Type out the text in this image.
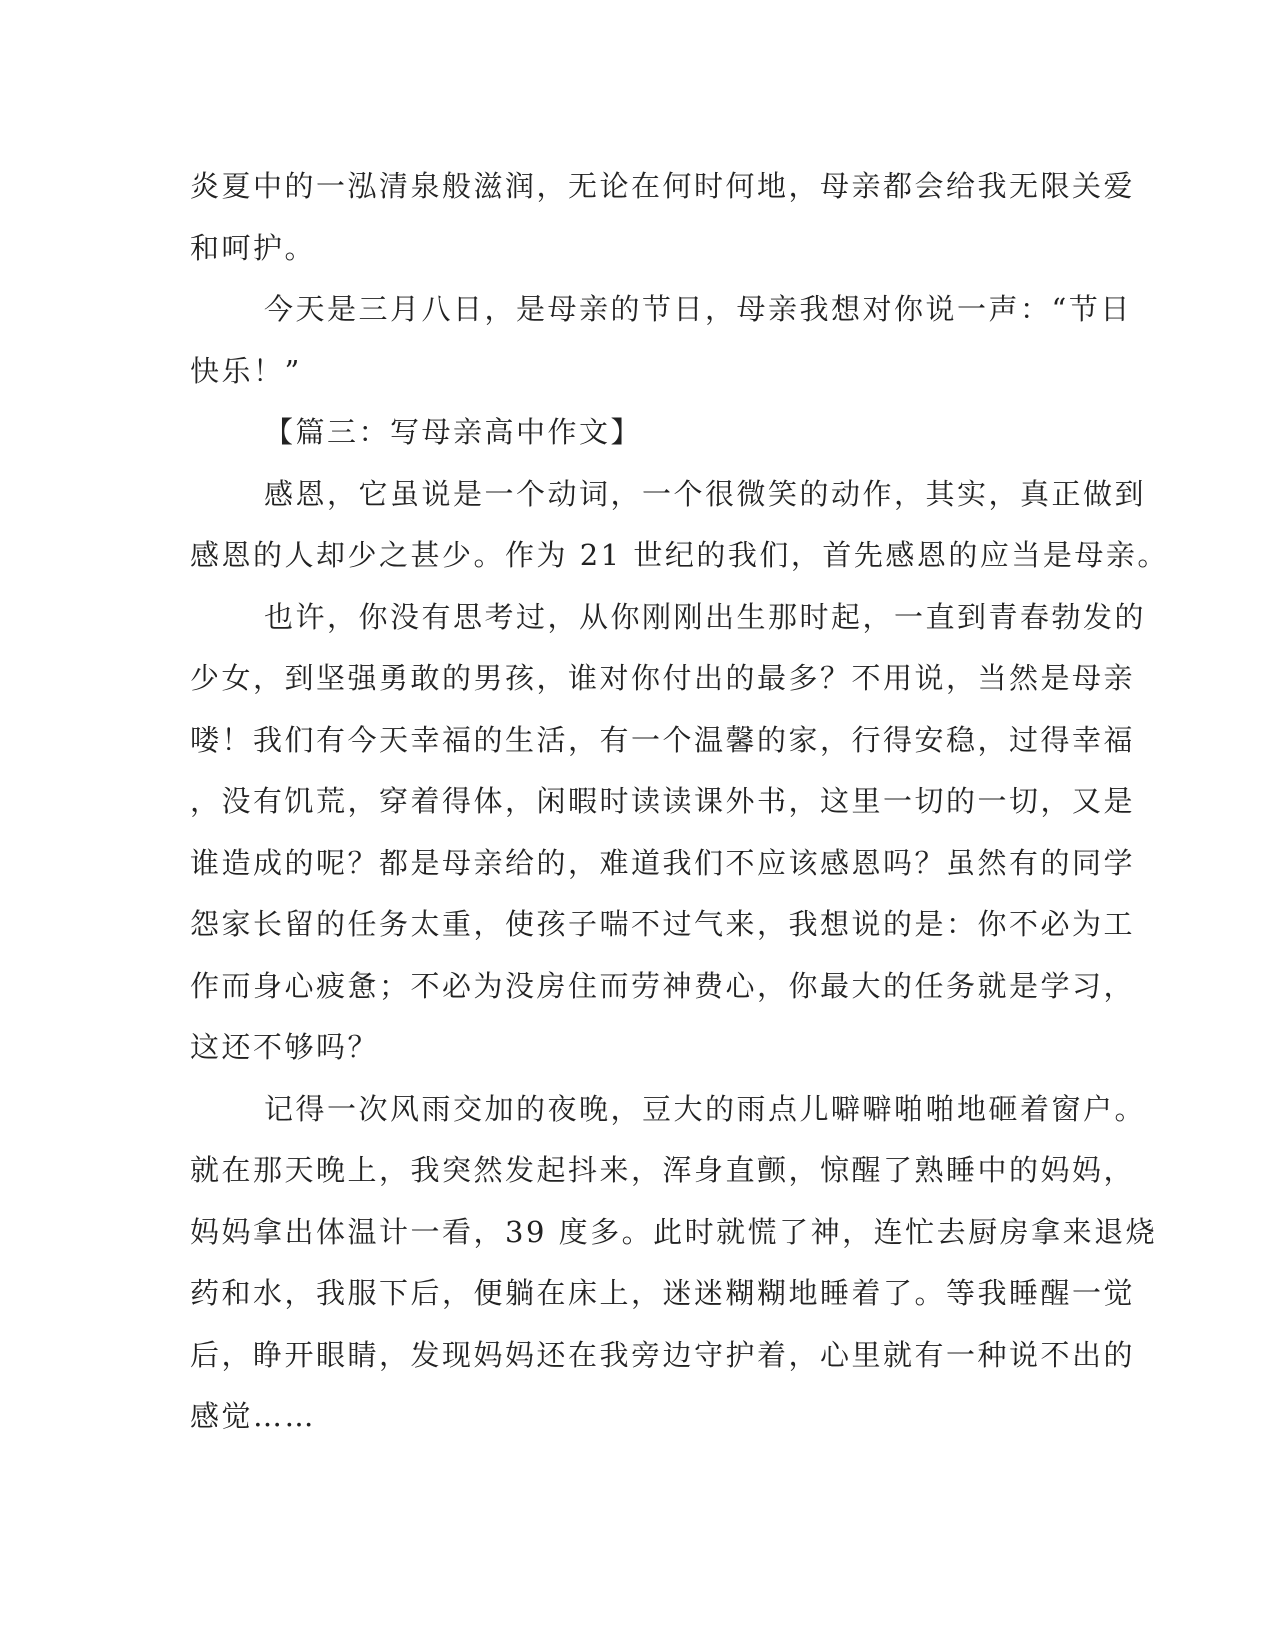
炎夏中的一泓清泉般滋润，无论在何时何地，母亲都会给我无限关爱
和呵护。
今天是三月八日，是母亲的节日，母亲我想对你说一声：“节日
快乐！”
【篇三：写母亲高中作文】
感恩，它虽说是一个动词，一个很微笑的动作，其实，真正做到
感恩的人却少之甚少。作为 21 世纪的我们，首先感恩的应当是母亲。
也许，你没有思考过，从你刚刚出生那时起，一直到青春勃发的
少女，到坚强勇敢的男孩，谁对你付出的最多？不用说，当然是母亲
喽！我们有今天幸福的生活，有一个温馨的家，行得安稳，过得幸福
，没有饥荒，穿着得体，闲暇时读读课外书，这里一切的一切，又是
谁造成的呢？都是母亲给的，难道我们不应该感恩吗？虽然有的同学
怨家长留的任务太重，使孩子喘不过气来，我想说的是：你不必为工
作而身心疲惫；不必为没房住而劳神费心，你最大的任务就是学习，
这还不够吗？
记得一次风雨交加的夜晚，豆大的雨点儿噼噼啪啪地砸着窗户。
就在那天晚上，我突然发起抖来，浑身直颤，惊醒了熟睡中的妈妈，
妈妈拿出体温计一看，39 度多。此时就慌了神，连忙去厨房拿来退烧
药和水，我服下后，便躺在床上，迷迷糊糊地睡着了。等我睡醒一觉
后，睁开眼睛，发现妈妈还在我旁边守护着，心里就有一种说不出的
感觉……
